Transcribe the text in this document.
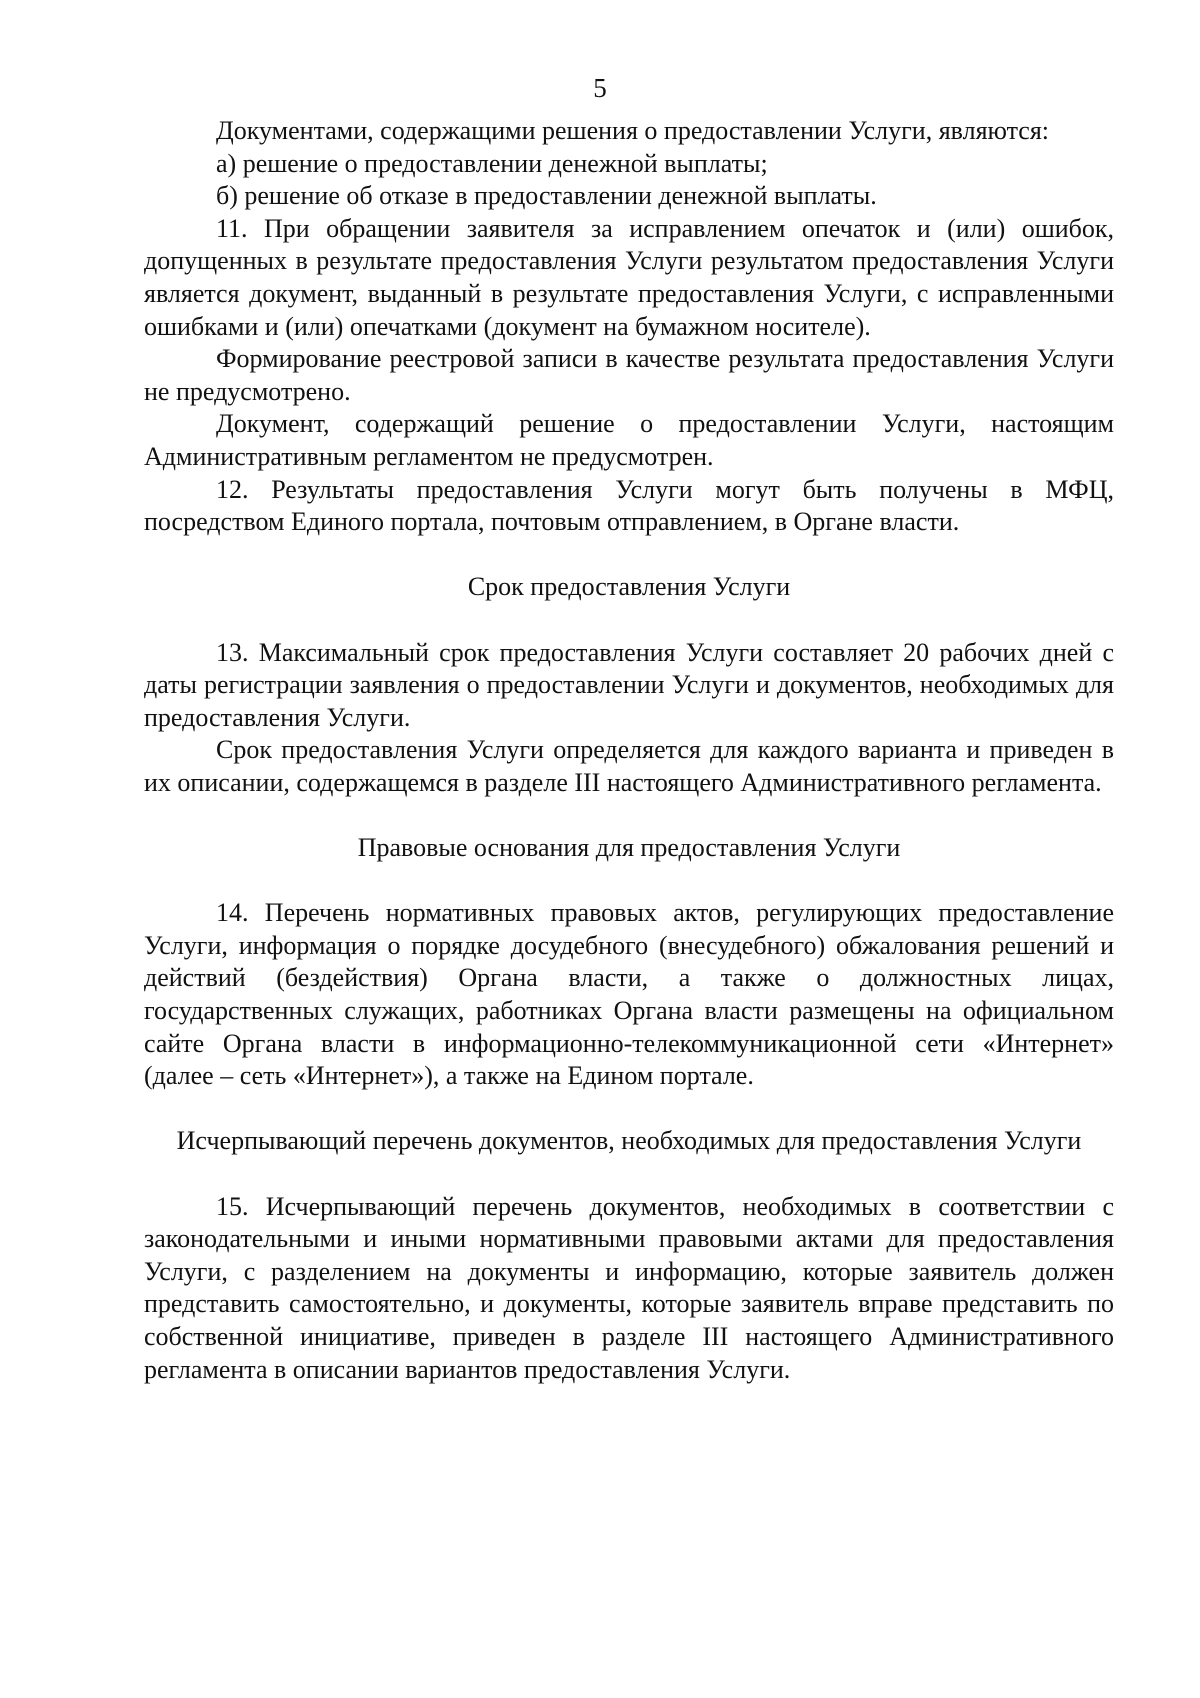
5

Документами, содержащими решения о предоставлении Услуги, являются:

а) решение о предоставлении денежной выплаты;

б) решение об отказе в предоставлении денежной выплаты.

11. При обращении заявителя за исправлением опечаток и (или) ошибок, допущенных в результате предоставления Услуги результатом предоставления Услуги является документ, выданный в результате предоставления Услуги, с исправленными ошибками и (или) опечатками (документ на бумажном носителе).

Формирование реестровой записи в качестве результата предоставления Услуги не предусмотрено.

Документ, содержащий решение о предоставлении Услуги, настоящим Административным регламентом не предусмотрен.

12. Результаты предоставления Услуги могут быть получены в МФЦ, посредством Единого портала, почтовым отправлением, в Органе власти.

Срок предоставления Услуги

13. Максимальный срок предоставления Услуги составляет 20 рабочих дней с даты регистрации заявления о предоставлении Услуги и документов, необходимых для предоставления Услуги.

Срок предоставления Услуги определяется для каждого варианта и приведен в их описании, содержащемся в разделе III настоящего Административного регламента.

Правовые основания для предоставления Услуги

14. Перечень нормативных правовых актов, регулирующих предоставление Услуги, информация о порядке досудебного (внесудебного) обжалования решений и действий (бездействия) Органа власти, а также о должностных лицах, государственных служащих, работниках Органа власти размещены на официальном сайте Органа власти в информационно-телекоммуникационной сети «Интернет» (далее – сеть «Интернет»), а также на Едином портале.

Исчерпывающий перечень документов, необходимых для предоставления Услуги

15. Исчерпывающий перечень документов, необходимых в соответствии с законодательными и иными нормативными правовыми актами для предоставления Услуги, с разделением на документы и информацию, которые заявитель должен представить самостоятельно, и документы, которые заявитель вправе представить по собственной инициативе, приведен в разделе III настоящего Административного регламента в описании вариантов предоставления Услуги.
